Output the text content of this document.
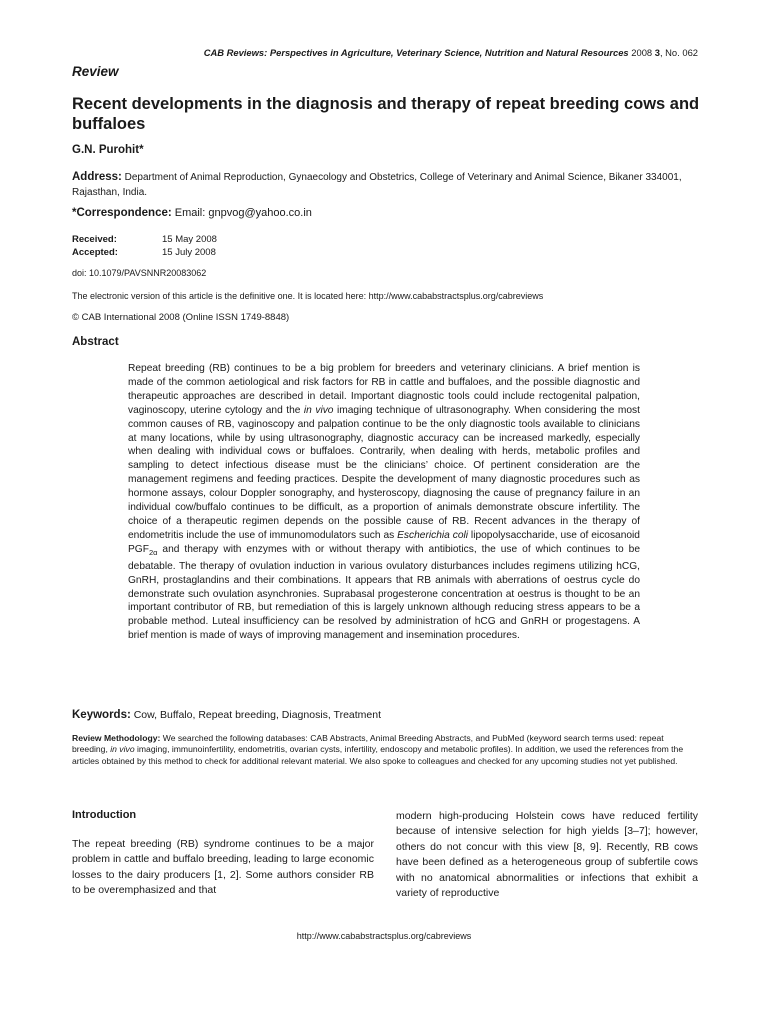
CAB Reviews: Perspectives in Agriculture, Veterinary Science, Nutrition and Natural Resources 2008 3, No. 062
Review
Recent developments in the diagnosis and therapy of repeat breeding cows and buffaloes
G.N. Purohit*
Address: Department of Animal Reproduction, Gynaecology and Obstetrics, College of Veterinary and Animal Science, Bikaner 334001, Rajasthan, India.
*Correspondence: Email: gnpvog@yahoo.co.in
Received:	15 May 2008
Accepted:	15 July 2008
doi: 10.1079/PAVSNNR20083062
The electronic version of this article is the definitive one. It is located here: http://www.cababstractsplus.org/cabreviews
© CAB International 2008 (Online ISSN 1749-8848)
Abstract
Repeat breeding (RB) continues to be a big problem for breeders and veterinary clinicians. A brief mention is made of the common aetiological and risk factors for RB in cattle and buffaloes, and the possible diagnostic and therapeutic approaches are described in detail. Important diagnostic tools could include rectogenital palpation, vaginoscopy, uterine cytology and the in vivo imaging technique of ultrasonography. When considering the most common causes of RB, vaginoscopy and palpation continue to be the only diagnostic tools available to clinicians at many locations, while by using ultrasonography, diagnostic accuracy can be increased markedly, especially when dealing with individual cows or buffaloes. Contrarily, when dealing with herds, metabolic profiles and sampling to detect infectious disease must be the clinicians’ choice. Of pertinent consideration are the management regimens and feeding practices. Despite the development of many diagnostic procedures such as hormone assays, colour Doppler sonography, and hysteroscopy, diagnosing the cause of pregnancy failure in an individual cow/buffalo continues to be difficult, as a proportion of animals demonstrate obscure infertility. The choice of a therapeutic regimen depends on the possible cause of RB. Recent advances in the therapy of endometritis include the use of immunomodulators such as Escherichia coli lipopolysaccharide, use of eicosanoid $PGF_{2\alpha}$ and therapy with enzymes with or without therapy with antibiotics, the use of which continues to be debatable. The therapy of ovulation induction in various ovulatory disturbances includes regimens utilizing hCG, GnRH, prostaglandins and their combinations. It appears that RB animals with aberrations of oestrus cycle do demonstrate such ovulation asynchronies. Suprabasal progesterone concentration at oestrus is thought to be an important contributor of RB, but remediation of this is largely unknown although reducing stress appears to be a probable method. Luteal insufficiency can be resolved by administration of hCG and GnRH or progestagens. A brief mention is made of ways of improving management and insemination procedures.
Keywords: Cow, Buffalo, Repeat breeding, Diagnosis, Treatment
Review Methodology: We searched the following databases: CAB Abstracts, Animal Breeding Abstracts, and PubMed (keyword search terms used: repeat breeding, in vivo imaging, immunoinfertility, endometritis, ovarian cysts, infertility, endoscopy and metabolic profiles). In addition, we used the references from the articles obtained by this method to check for additional relevant material. We also spoke to colleagues and checked for any upcoming studies not yet published.
Introduction

The repeat breeding (RB) syndrome continues to be a major problem in cattle and buffalo breeding, leading to large economic losses to the dairy producers [1, 2]. Some authors consider RB to be overemphasized and that

modern high-producing Holstein cows have reduced fertility because of intensive selection for high yields [3–7]; however, others do not concur with this view [8, 9]. Recently, RB cows have been defined as a heterogeneous group of subfertile cows with no anatomical abnormalities or infections that exhibit a variety of reproductive

http://www.cababstractsplus.org/cabreviews
